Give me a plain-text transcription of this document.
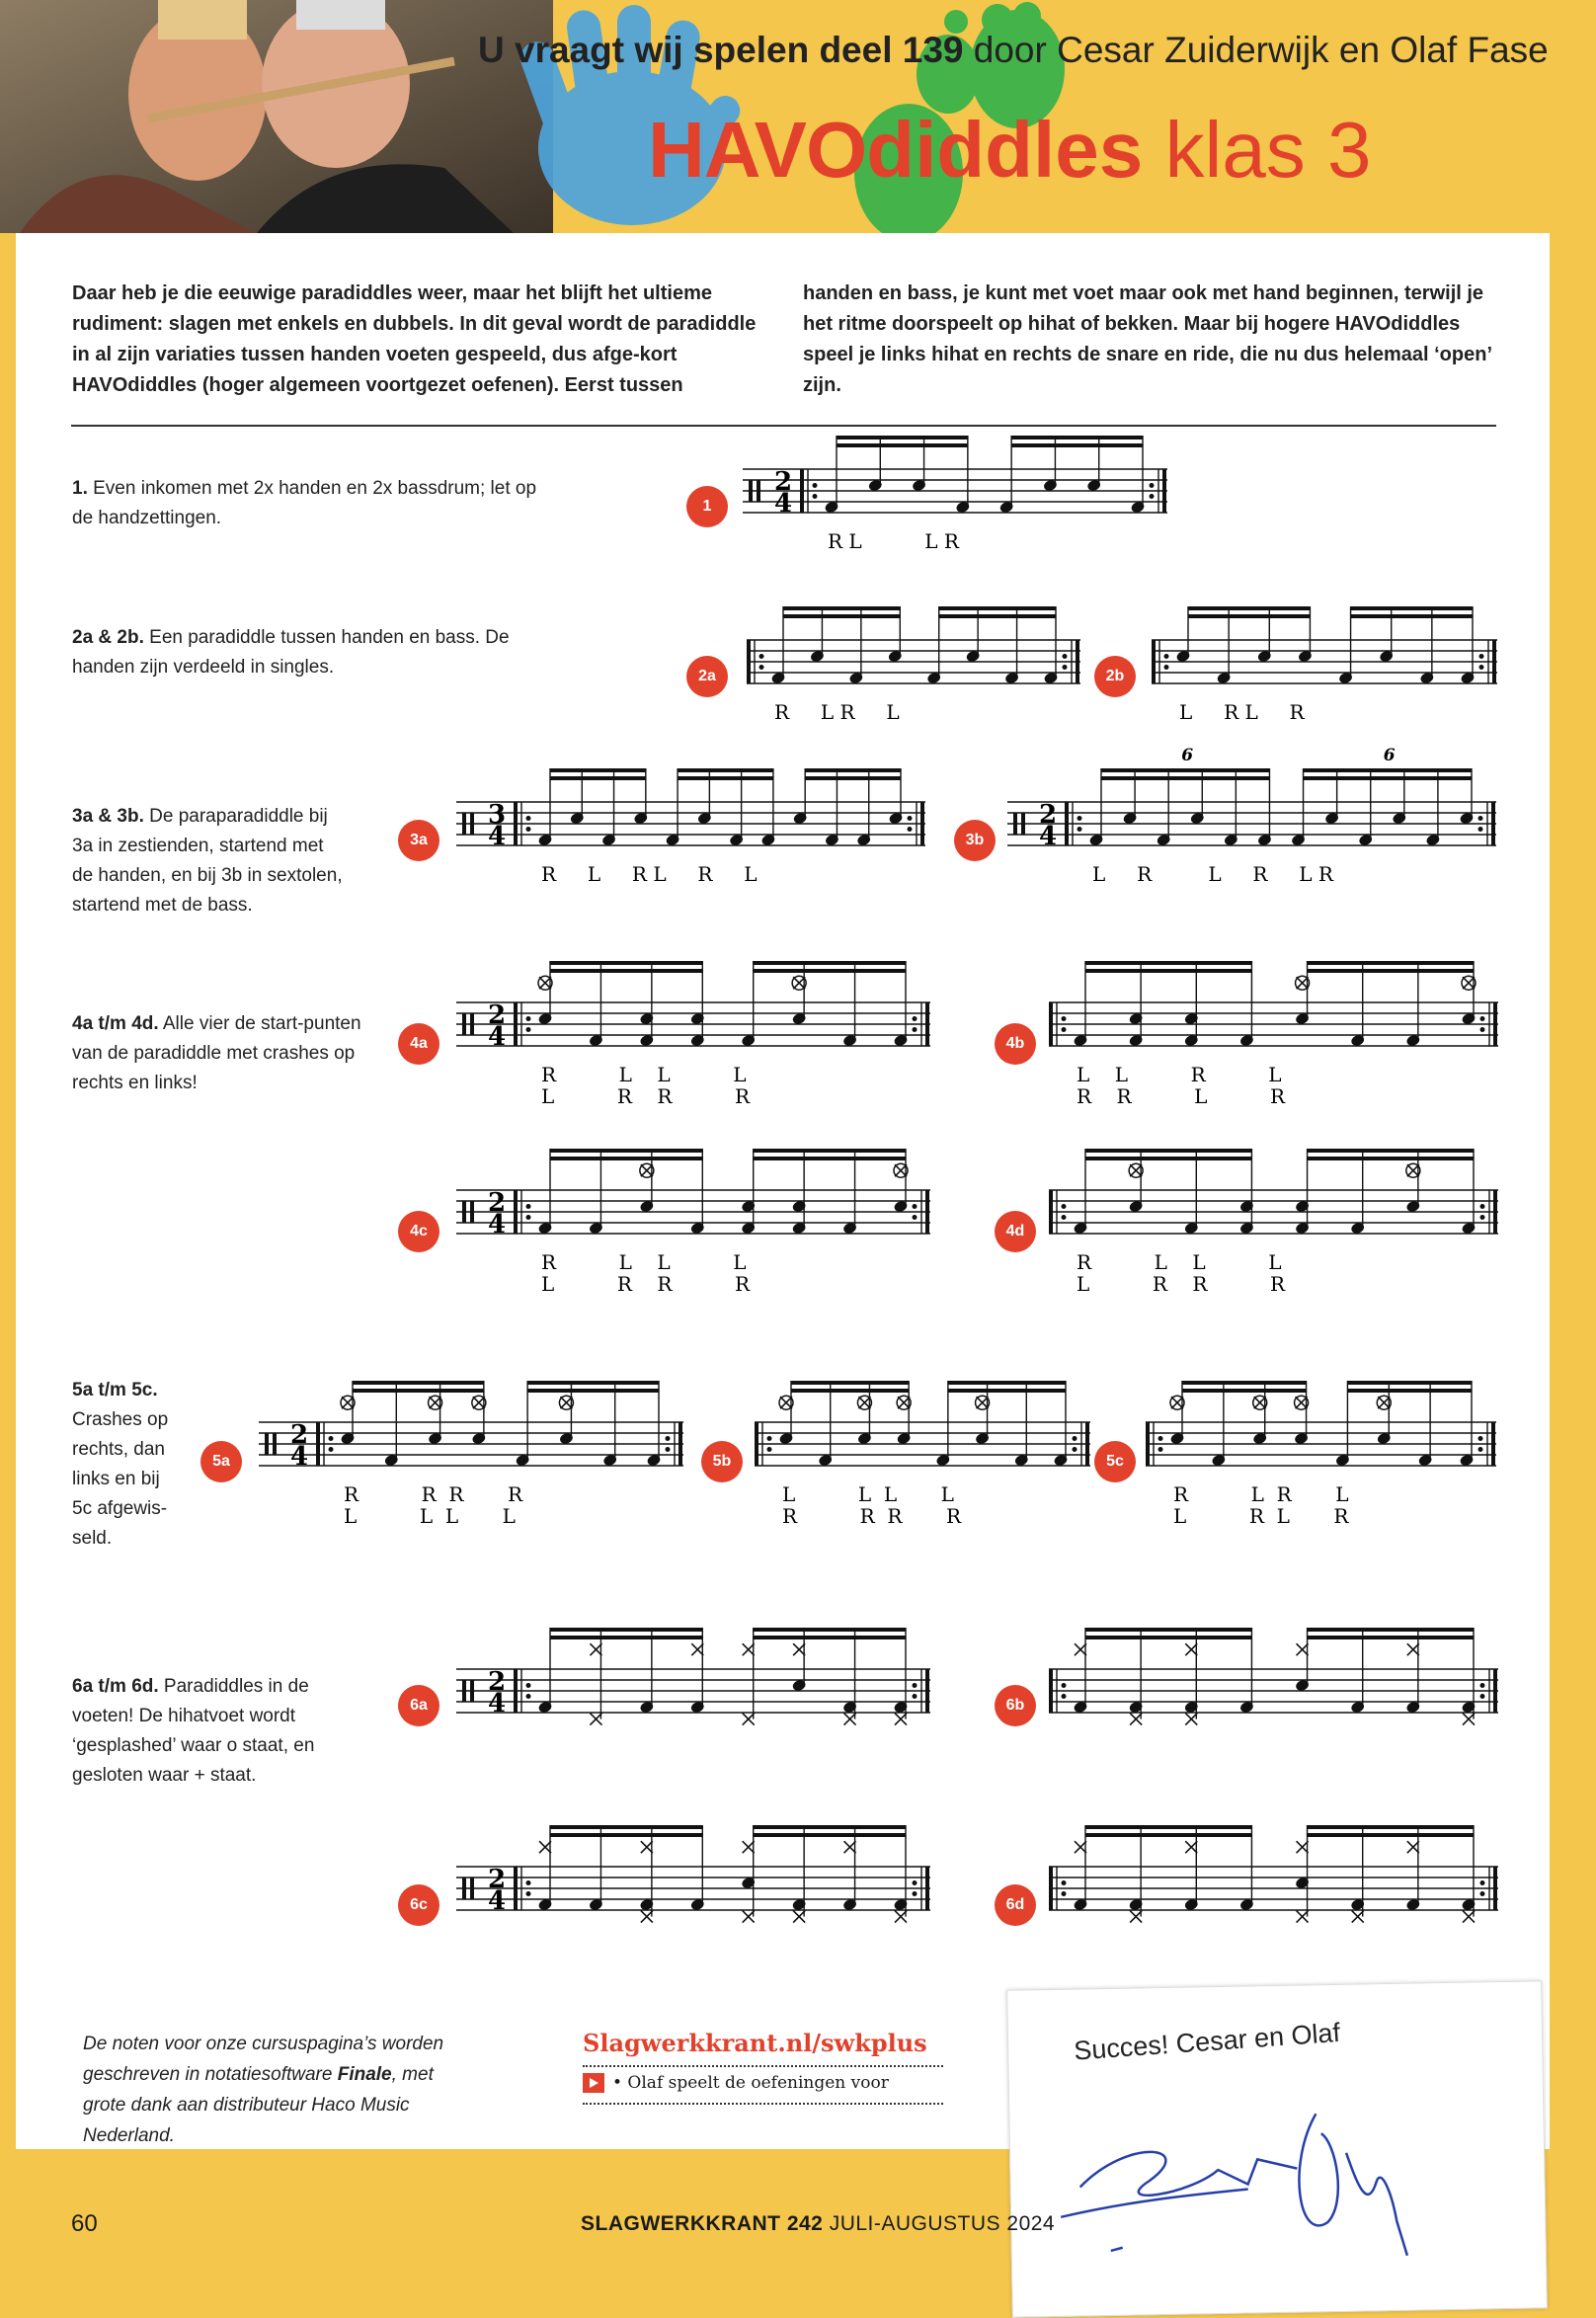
U vraagt wij spelen deel 139 door Cesar Zuiderwijk en Olaf Fase
HAVOdiddles klas 3
Daar heb je die eeuwige paradiddles weer, maar het blijft het ultieme rudiment: slagen met enkels en dubbels. In dit geval wordt de paradiddle in al zijn variaties tussen handen voeten gespeeld, dus afge-kort HAVOdiddles (hoger algemeen voortgezet oefenen). Eerst tussen
handen en bass, je kunt met voet maar ook met hand beginnen, terwijl je het ritme doorspeelt op hihat of bekken. Maar bij hogere HAVOdiddles speel je links hihat en rechts de snare en ride, die nu dus helemaal ‘open’ zijn.
1. Even inkomen met 2x handen en 2x bassdrum; let op de handzettingen.
2a & 2b. Een paradiddle tussen handen en bass. De handen zijn verdeeld in singles.
3a & 3b. De paraparadiddle bij 3a in zestienden, startend met de handen, en bij 3b in sextolen, startend met de bass.
4a t/m 4d. Alle vier de start-punten van de paradiddle met crashes op rechts en links!
5a t/m 5c. Crashes op rechts, dan links en bij 5c afgewis-seld.
6a t/m 6d. Paradiddles in de voeten! De hihatvoet wordt ‘gesplashed’ waar o staat, en gesloten waar + staat.
1
2
4
R L          L R
2a
R     L R     L
2b
L     R L     R
3a
3
4
R     L     R L     R     L
3b
2
4
6	6
L     R         L     R     L R
4a
2
4
R          L    L          L
L          R    R          R
4b
L    L          R          L
R    R          L          R
4c
2
4
R          L    L          L
L          R    R          R
4d
R          L    L          L
L          R    R          R
5a
2
4
R          R  R       R
L          L  L       L
5b
L          L  L       L
R          R  R       R
5c
R          L  R       L
L          R  L       R
6a
2
4	6b
6c
2
4	6d
De noten voor onze cursuspagina’s worden geschreven in notatiesoftware Finale, met grote dank aan distributeur Haco Music Nederland.
Slagwerkkrant.nl/swkplus
• Olaf speelt de oefeningen voor
Succes! Cesar en Olaf
60	SLAGWERKKRANT 242 JULI-AUGUSTUS 2024
